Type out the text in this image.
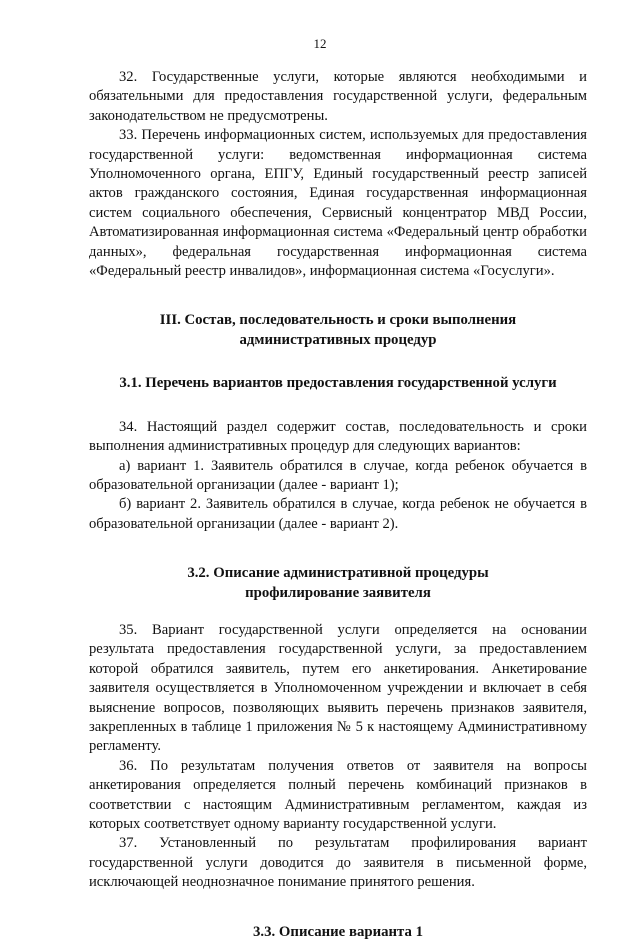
12

32. Государственные услуги, которые являются необходимыми и обязательными для предоставления государственной услуги, федеральным законодательством не предусмотрены.

33. Перечень информационных систем, используемых для предоставления государственной услуги: ведомственная информационная система Уполномоченного органа, ЕПГУ, Единый государственный реестр записей актов гражданского состояния, Единая государственная информационная систем социального обеспечения, Сервисный концентратор МВД России, Автоматизированная информационная система «Федеральный центр обработки данных», федеральная государственная информационная система «Федеральный реестр инвалидов», информационная система «Госуслуги».

III. Состав, последовательность и сроки выполнения административных процедур
3.1. Перечень вариантов предоставления государственной услуги

34. Настоящий раздел содержит состав, последовательность и сроки выполнения административных процедур для следующих вариантов:

а) вариант 1. Заявитель обратился в случае, когда ребенок обучается в образовательной организации (далее - вариант 1);

б) вариант 2. Заявитель обратился в случае, когда ребенок не обучается в образовательной организации (далее - вариант 2).

3.2. Описание административной процедуры профилирование заявителя

35. Вариант государственной услуги определяется на основании результата предоставления государственной услуги, за предоставлением которой обратился заявитель, путем его анкетирования. Анкетирование заявителя осуществляется в Уполномоченном учреждении и включает в себя выяснение вопросов, позволяющих выявить перечень признаков заявителя, закрепленных в таблице 1 приложения № 5 к настоящему Административному регламенту.

36. По результатам получения ответов от заявителя на вопросы анкетирования определяется полный перечень комбинаций признаков в соответствии с настоящим Административным регламентом, каждая из которых соответствует одному варианту государственной услуги.

37. Установленный по результатам профилирования вариант государственной услуги доводится до заявителя в письменной форме, исключающей неоднозначное понимание принятого решения.

3.3. Описание варианта 1
